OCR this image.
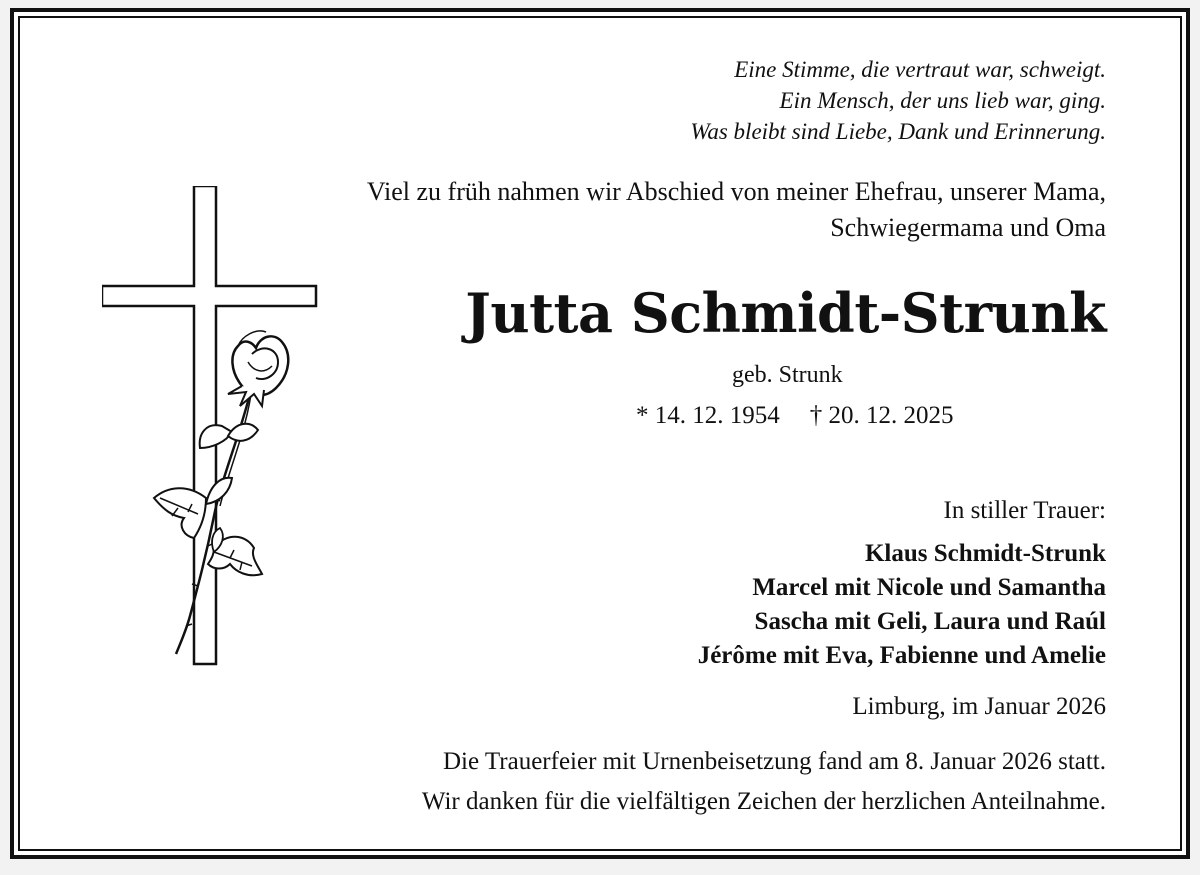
Eine Stimme, die vertraut war, schweigt.
Ein Mensch, der uns lieb war, ging.
Was bleibt sind Liebe, Dank und Erinnerung.
Viel zu früh nahmen wir Abschied von meiner Ehefrau, unserer Mama,
Schwiegermama und Oma
Jutta Schmidt-Strunk
geb. Strunk
* 14. 12. 1954 † 20. 12. 2025
In stiller Trauer:
Klaus Schmidt-Strunk
Marcel mit Nicole und Samantha
Sascha mit Geli, Laura und Raúl
Jérôme mit Eva, Fabienne und Amelie
Limburg, im Januar 2026
Die Trauerfeier mit Urnenbeisetzung fand am 8. Januar 2026 statt.
Wir danken für die vielfältigen Zeichen der herzlichen Anteilnahme.
